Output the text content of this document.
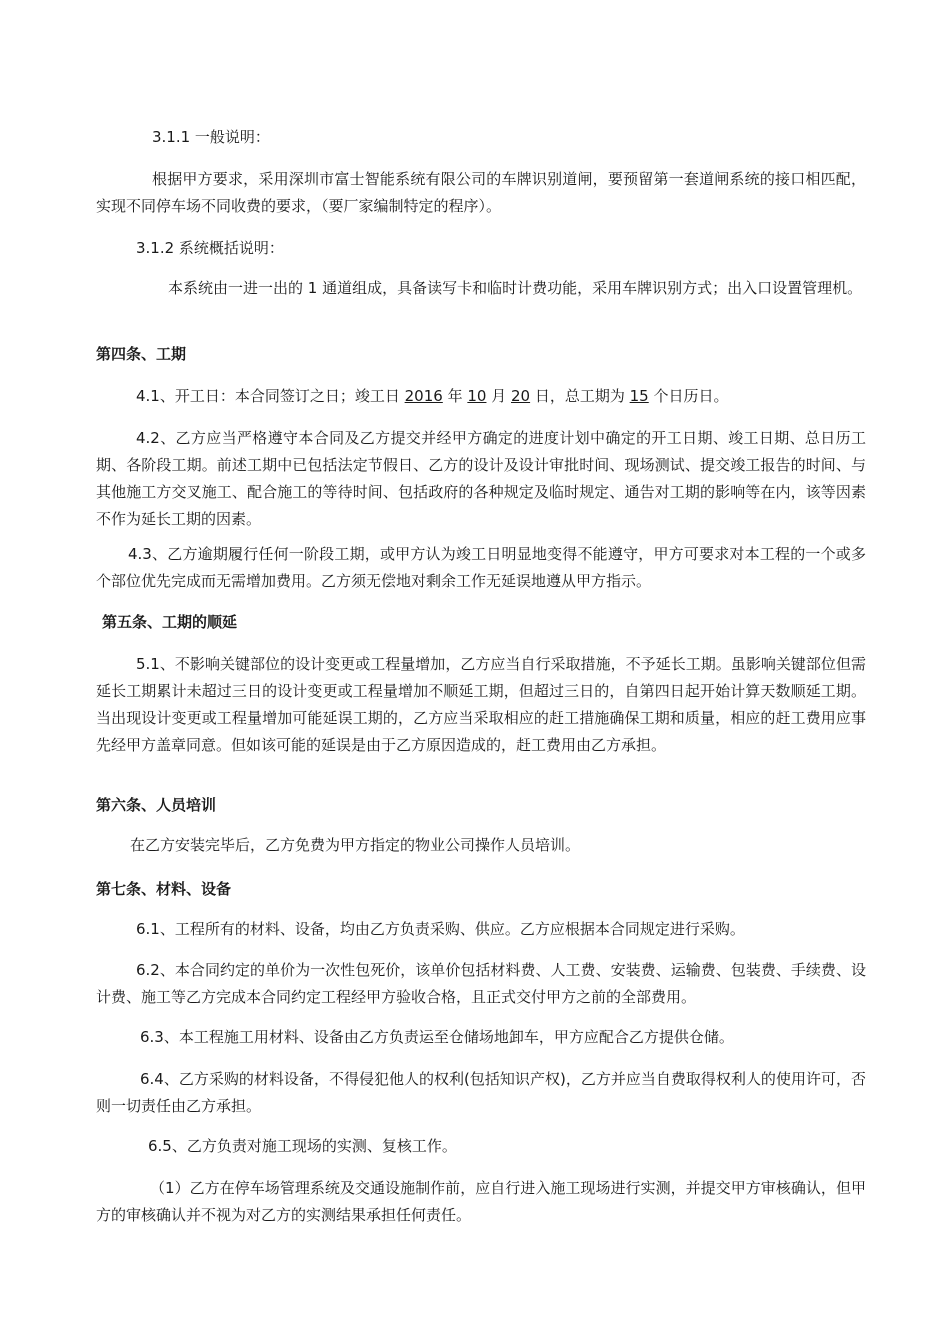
3.1.1 一般说明：

根据甲方要求，采用深圳市富士智能系统有限公司的车牌识别道闸，要预留第一套道闸系统的接口相匹配，实现不同停车场不同收费的要求，（要厂家编制特定的程序）。

3.1.2 系统概括说明：

本系统由一进一出的 1 通道组成，具备读写卡和临时计费功能，采用车牌识别方式；出入口设置管理机。

第四条、工期

4.1、开工日：本合同签订之日；竣工日 2016 年 10 月 20 日，总工期为 15 个日历日。

4.2、乙方应当严格遵守本合同及乙方提交并经甲方确定的进度计划中确定的开工日期、竣工日期、总日历工期、各阶段工期。前述工期中已包括法定节假日、乙方的设计及设计审批时间、现场测试、提交竣工报告的时间、与其他施工方交叉施工、配合施工的等待时间、包括政府的各种规定及临时规定、通告对工期的影响等在内，该等因素不作为延长工期的因素。

4.3、乙方逾期履行任何一阶段工期，或甲方认为竣工日明显地变得不能遵守，甲方可要求对本工程的一个或多个部位优先完成而无需增加费用。乙方须无偿地对剩余工作无延误地遵从甲方指示。

第五条、工期的顺延

5.1、不影响关键部位的设计变更或工程量增加，乙方应当自行采取措施，不予延长工期。虽影响关键部位但需延长工期累计未超过三日的设计变更或工程量增加不顺延工期，但超过三日的，自第四日起开始计算天数顺延工期。当出现设计变更或工程量增加可能延误工期的，乙方应当采取相应的赶工措施确保工期和质量，相应的赶工费用应事先经甲方盖章同意。但如该可能的延误是由于乙方原因造成的，赶工费用由乙方承担。

第六条、人员培训

在乙方安装完毕后，乙方免费为甲方指定的物业公司操作人员培训。

第七条、材料、设备

6.1、工程所有的材料、设备，均由乙方负责采购、供应。乙方应根据本合同规定进行采购。

6.2、本合同约定的单价为一次性包死价，该单价包括材料费、人工费、安装费、运输费、包装费、手续费、设计费、施工等乙方完成本合同约定工程经甲方验收合格，且正式交付甲方之前的全部费用。

6.3、本工程施工用材料、设备由乙方负责运至仓储场地卸车，甲方应配合乙方提供仓储。

6.4、乙方采购的材料设备，不得侵犯他人的权利(包括知识产权)，乙方并应当自费取得权利人的使用许可，否则一切责任由乙方承担。

6.5、乙方负责对施工现场的实测、复核工作。

（1）乙方在停车场管理系统及交通设施制作前，应自行进入施工现场进行实测，并提交甲方审核确认，但甲方的审核确认并不视为对乙方的实测结果承担任何责任。
